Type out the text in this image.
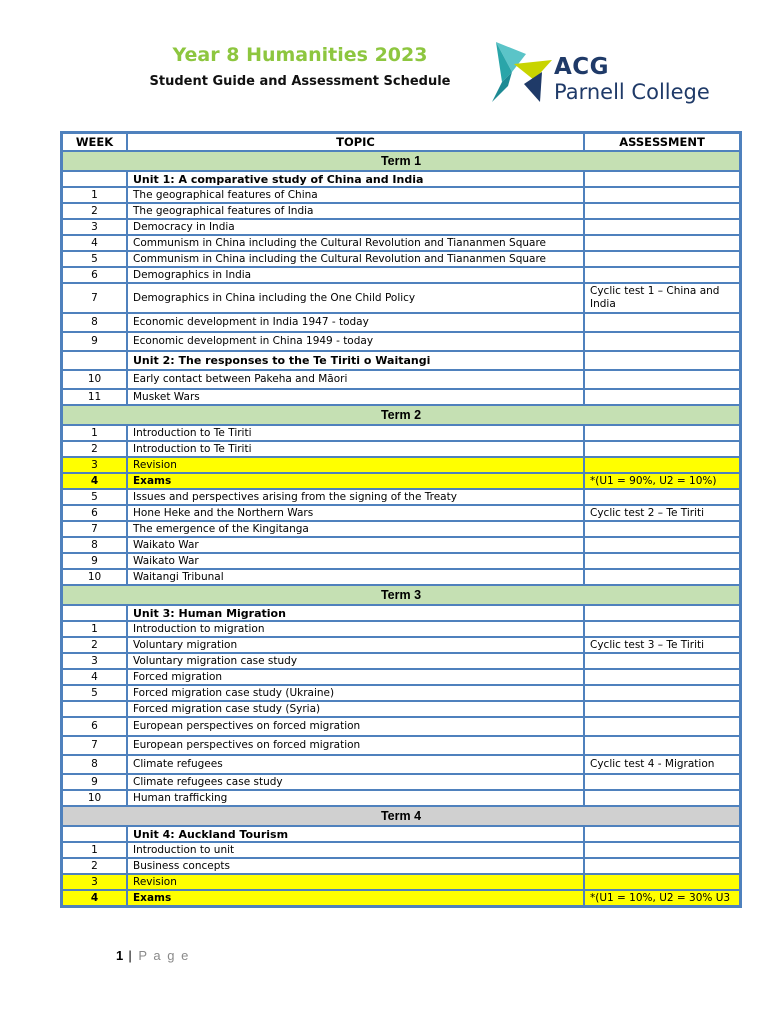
Year 8 Humanities 2023
Student Guide and Assessment Schedule
ACG
Parnell College
WEEK	TOPIC	ASSESSMENT
Term 1		
	Unit 1: A comparative study of China and India	
1	The geographical features of China	
2	The geographical features of India	
3	Democracy in India	
4	Communism in China including the Cultural Revolution and Tiananmen Square	
5	Communism in China including the Cultural Revolution and Tiananmen Square	
6	Demographics in India	
7	Demographics in China including the One Child Policy	Cyclic test 1 – China and India
8	Economic development in India 1947 - today	
9	Economic development in China 1949 - today	
	Unit 2: The responses to the Te Tiriti o Waitangi	
10	Early contact between Pakeha and Māori	
11	Musket Wars	
Term 2		
1	Introduction to Te Tiriti	
2	Introduction to Te Tiriti	
3	Revision	
4	Exams	*(U1 = 90%, U2 = 10%)
5	Issues and perspectives arising from the signing of the Treaty	
6	Hone Heke and the Northern Wars	Cyclic test 2 – Te Tiriti
7	The emergence of the Kingitanga	
8	Waikato War	
9	Waikato War	
10	Waitangi Tribunal	
Term 3		
	Unit 3: Human Migration	
1	Introduction to migration	
2	Voluntary migration	Cyclic test 3 – Te Tiriti
3	Voluntary migration case study	
4	Forced migration	
5	Forced migration case study (Ukraine)	
	Forced migration case study (Syria)	
6	European perspectives on forced migration	
7	European perspectives on forced migration	
8	Climate refugees	Cyclic test 4 - Migration
9	Climate refugees case study	
10	Human trafficking	
Term 4		
	Unit 4: Auckland Tourism	
1	Introduction to unit	
2	Business concepts	
3	Revision	
4	Exams	*(U1 = 10%, U2 = 30% U3
1 | P a g e
